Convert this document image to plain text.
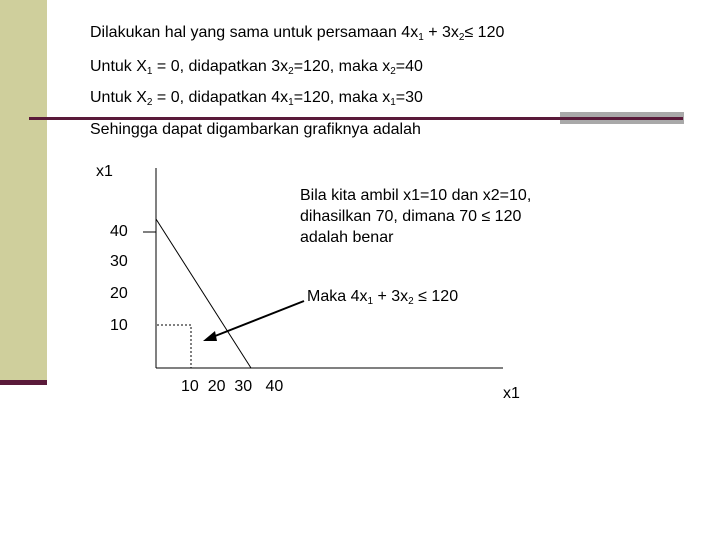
Dilakukan hal yang sama untuk persamaan $4x_1 + 3x_2\le 120$
Untuk $X_1 = 0$, didapatkan $3x_2=120$, maka $x_2=40$
Untuk $X_2 = 0$, didapatkan $4x_1=120$, maka $x_1=30$
Sehingga dapat digambarkan grafiknya adalah
x1
40
30
20
10
10  20  30   40	x1
Bila kita ambil x1=10 dan x2=10,
dihasilkan 70, dimana 70 ≤ 120
adalah benar
Maka $4x_1 + 3x_2 \le 120$
